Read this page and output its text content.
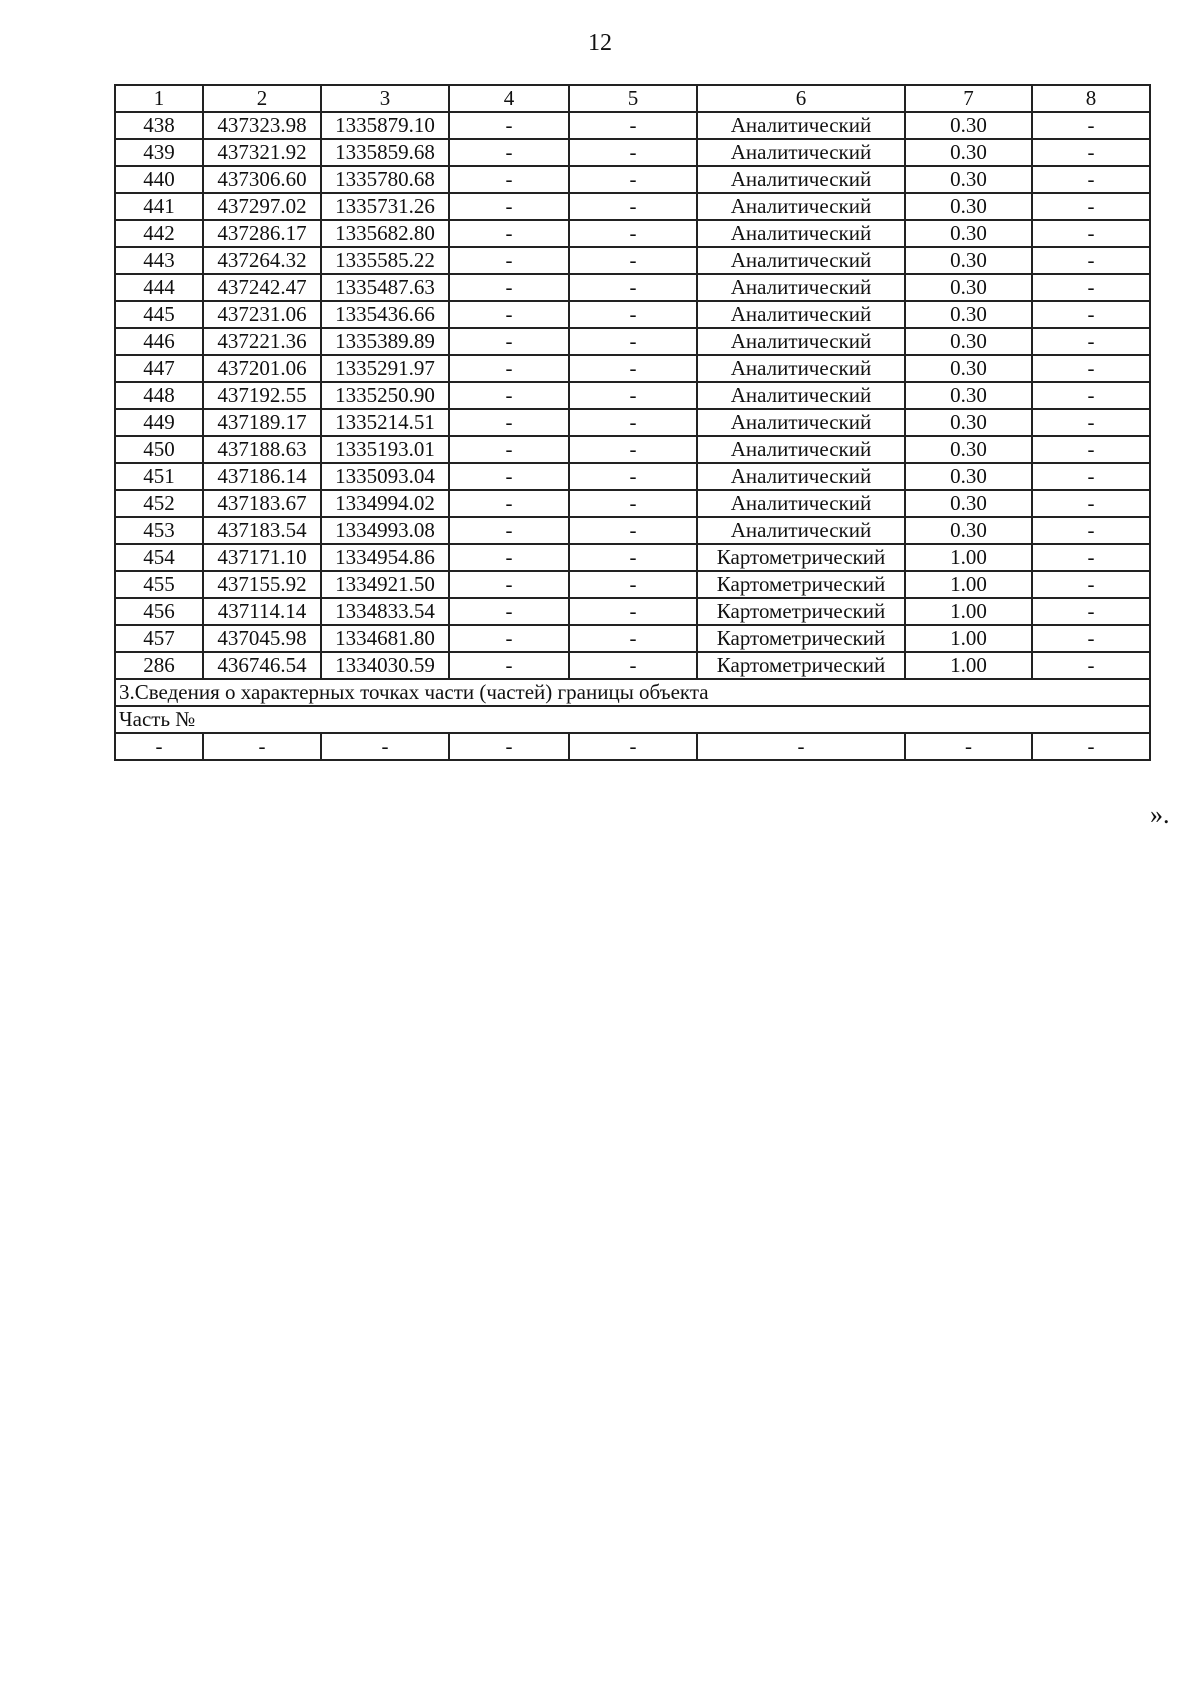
12
1	2	3	4	5	6	7	8
438	437323.98	1335879.10	-	-	Аналитический	0.30	-
439	437321.92	1335859.68	-	-	Аналитический	0.30	-
440	437306.60	1335780.68	-	-	Аналитический	0.30	-
441	437297.02	1335731.26	-	-	Аналитический	0.30	-
442	437286.17	1335682.80	-	-	Аналитический	0.30	-
443	437264.32	1335585.22	-	-	Аналитический	0.30	-
444	437242.47	1335487.63	-	-	Аналитический	0.30	-
445	437231.06	1335436.66	-	-	Аналитический	0.30	-
446	437221.36	1335389.89	-	-	Аналитический	0.30	-
447	437201.06	1335291.97	-	-	Аналитический	0.30	-
448	437192.55	1335250.90	-	-	Аналитический	0.30	-
449	437189.17	1335214.51	-	-	Аналитический	0.30	-
450	437188.63	1335193.01	-	-	Аналитический	0.30	-
451	437186.14	1335093.04	-	-	Аналитический	0.30	-
452	437183.67	1334994.02	-	-	Аналитический	0.30	-
453	437183.54	1334993.08	-	-	Аналитический	0.30	-
454	437171.10	1334954.86	-	-	Картометрический	1.00	-
455	437155.92	1334921.50	-	-	Картометрический	1.00	-
456	437114.14	1334833.54	-	-	Картометрический	1.00	-
457	437045.98	1334681.80	-	-	Картометрический	1.00	-
286	436746.54	1334030.59	-	-	Картометрический	1.00	-
3.Сведения о характерных точках части (частей) границы объекта							
Часть №							
-	-	-	-	-	-	-	-
».
